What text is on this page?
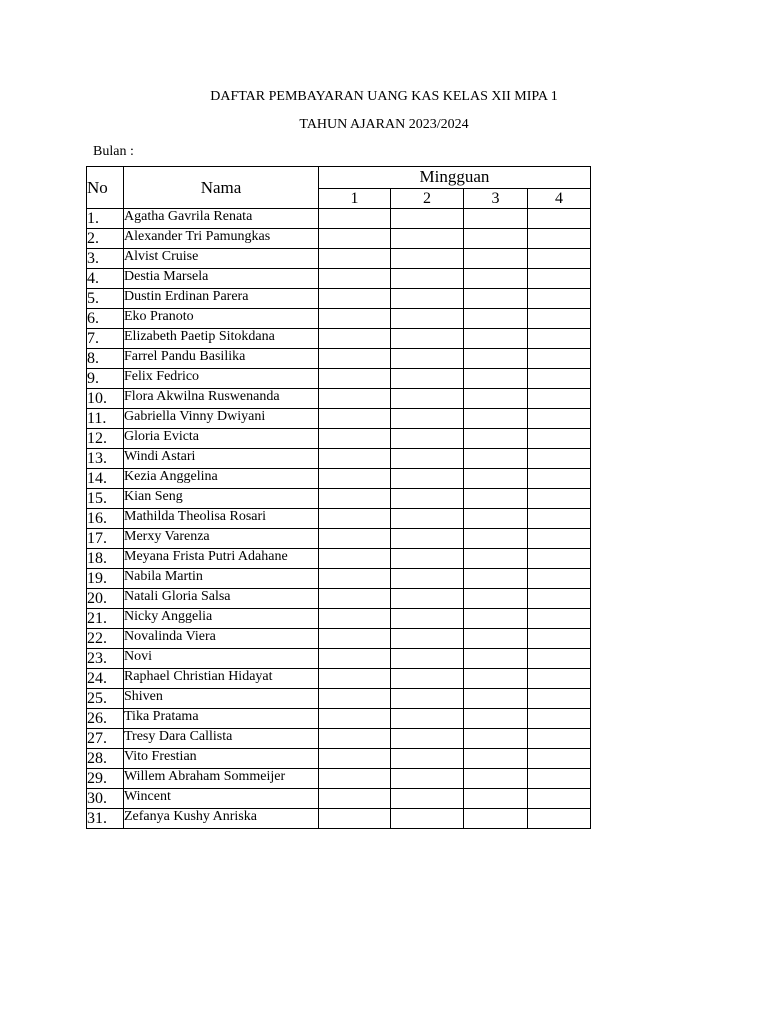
DAFTAR PEMBAYARAN UANG KAS KELAS XII MIPA 1
TAHUN AJARAN 2023/2024
Bulan :
No	Nama	Mingguan			
		1	2	3	4
1.	Agatha Gavrila Renata				
2.	Alexander Tri Pamungkas				
3.	Alvist Cruise				
4.	Destia Marsela				
5.	Dustin Erdinan Parera				
6.	Eko Pranoto				
7.	Elizabeth Paetip Sitokdana				
8.	Farrel Pandu Basilika				
9.	Felix Fedrico				
10.	Flora Akwilna Ruswenanda				
11.	Gabriella Vinny Dwiyani				
12.	Gloria Evicta				
13.	Windi Astari				
14.	Kezia Anggelina				
15.	Kian Seng				
16.	Mathilda Theolisa Rosari				
17.	Merxy Varenza				
18.	Meyana Frista Putri Adahane				
19.	Nabila Martin				
20.	Natali Gloria Salsa				
21.	Nicky Anggelia				
22.	Novalinda Viera				
23.	Novi				
24.	Raphael Christian Hidayat				
25.	Shiven				
26.	Tika Pratama				
27.	Tresy Dara Callista				
28.	Vito Frestian				
29.	Willem Abraham Sommeijer				
30.	Wincent				
31.	Zefanya Kushy Anriska				
